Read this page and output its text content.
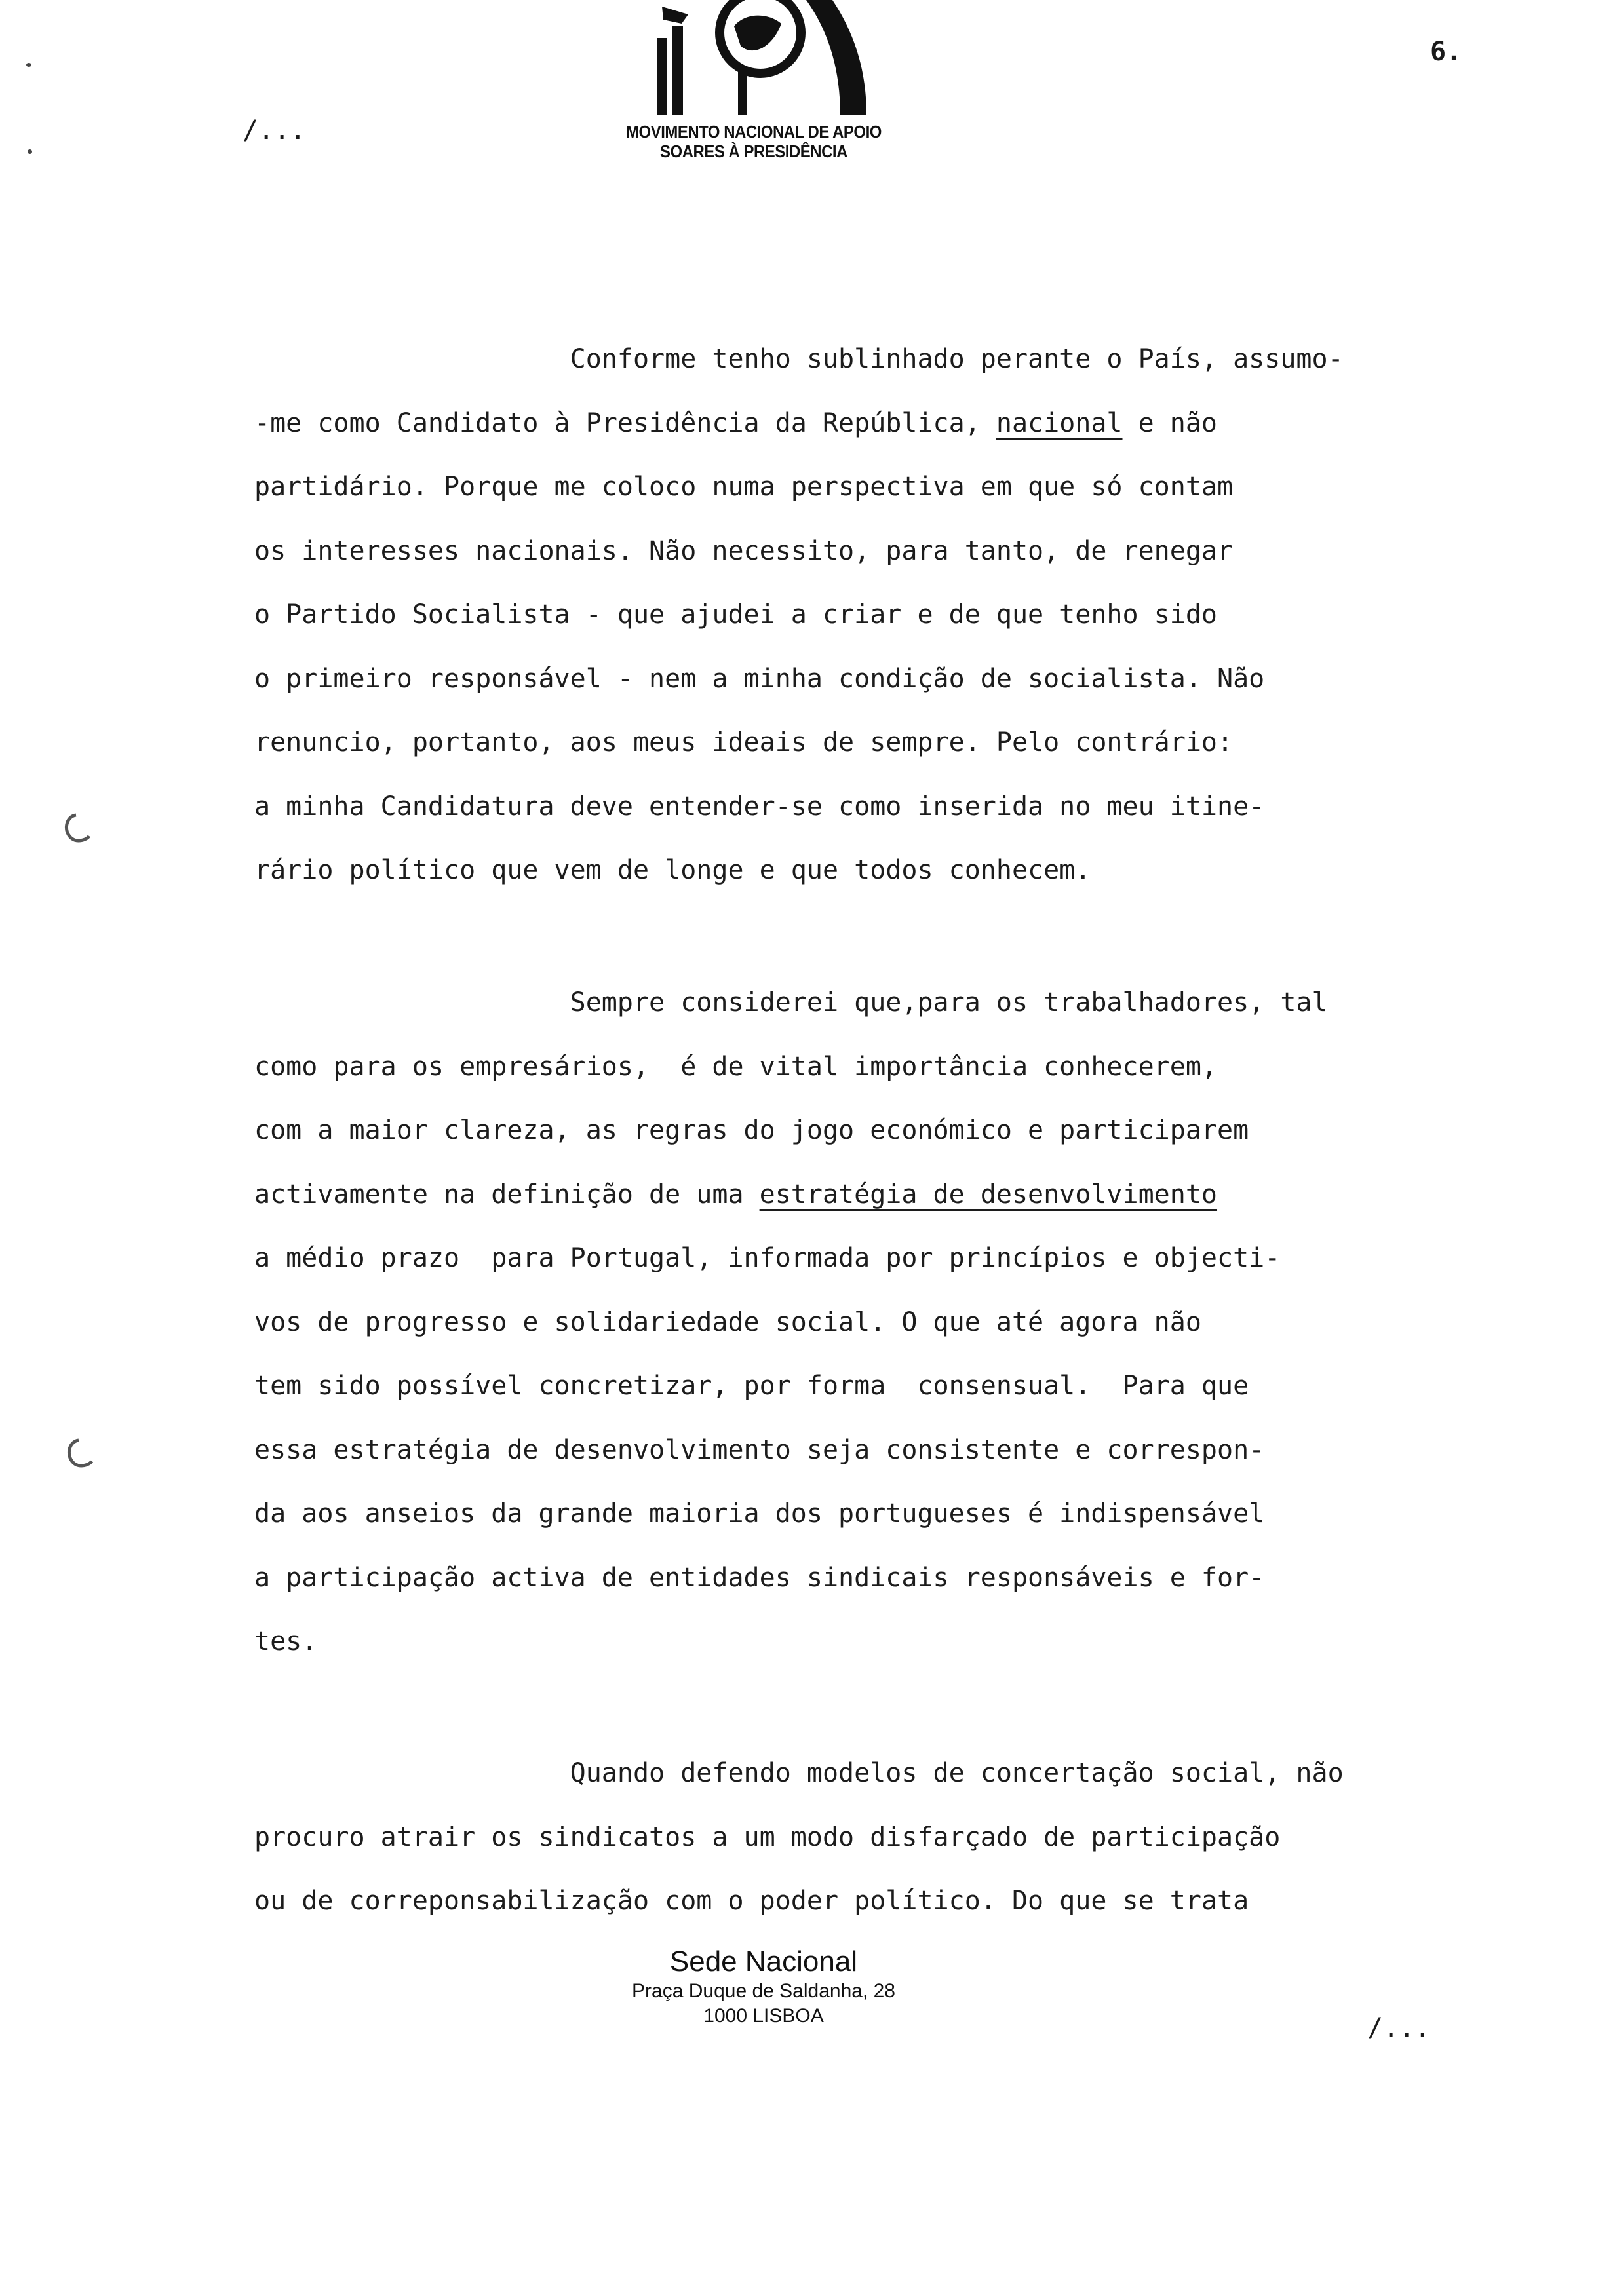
MOVIMENTO NACIONAL DE APOIO
SOARES À PRESIDÊNCIA
6.
/...
Conforme tenho sublinhado perante o País, assumo-
-me como Candidato à Presidência da República, nacional e não
partidário. Porque me coloco numa perspectiva em que só contam
os interesses nacionais. Não necessito, para tanto, de renegar
o Partido Socialista - que ajudei a criar e de que tenho sido
o primeiro responsável - nem a minha condição de socialista. Não
renuncio, portanto, aos meus ideais de sempre. Pelo contrário:
a minha Candidatura deve entender-se como inserida no meu itine-
rário político que vem de longe e que todos conhecem.
Sempre considerei que,para os trabalhadores, tal
como para os empresários,  é de vital importância conhecerem,
com a maior clareza, as regras do jogo económico e participarem
activamente na definição de uma estratégia de desenvolvimento
a médio prazo  para Portugal, informada por princípios e objecti-
vos de progresso e solidariedade social. O que até agora não
tem sido possível concretizar, por forma  consensual.  Para que
essa estratégia de desenvolvimento seja consistente e correspon-
da aos anseios da grande maioria dos portugueses é indispensável
a participação activa de entidades sindicais responsáveis e for-
tes.
Quando defendo modelos de concertação social, não
procuro atrair os sindicatos a um modo disfarçado de participação
ou de correponsabilização com o poder político. Do que se trata
Sede Nacional
Praça Duque de Saldanha, 28
1000 LISBOA	/...
